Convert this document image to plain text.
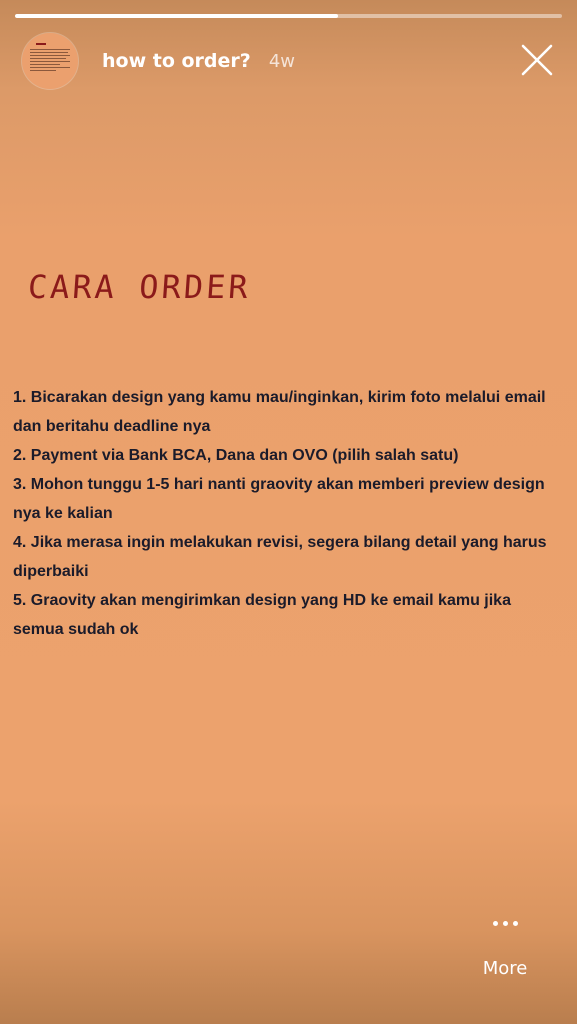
how to order? 4w
CARA ORDER
1. Bicarakan design yang kamu mau/inginkan, kirim foto melalui email dan beritahu deadline nya
2. Payment via Bank BCA, Dana dan OVO (pilih salah satu)
3. Mohon tunggu 1-5 hari nanti graovity akan memberi preview design nya ke kalian
4. Jika merasa ingin melakukan revisi, segera bilang detail yang harus diperbaiki
5. Graovity akan mengirimkan design yang HD ke email kamu jika semua sudah ok
More
